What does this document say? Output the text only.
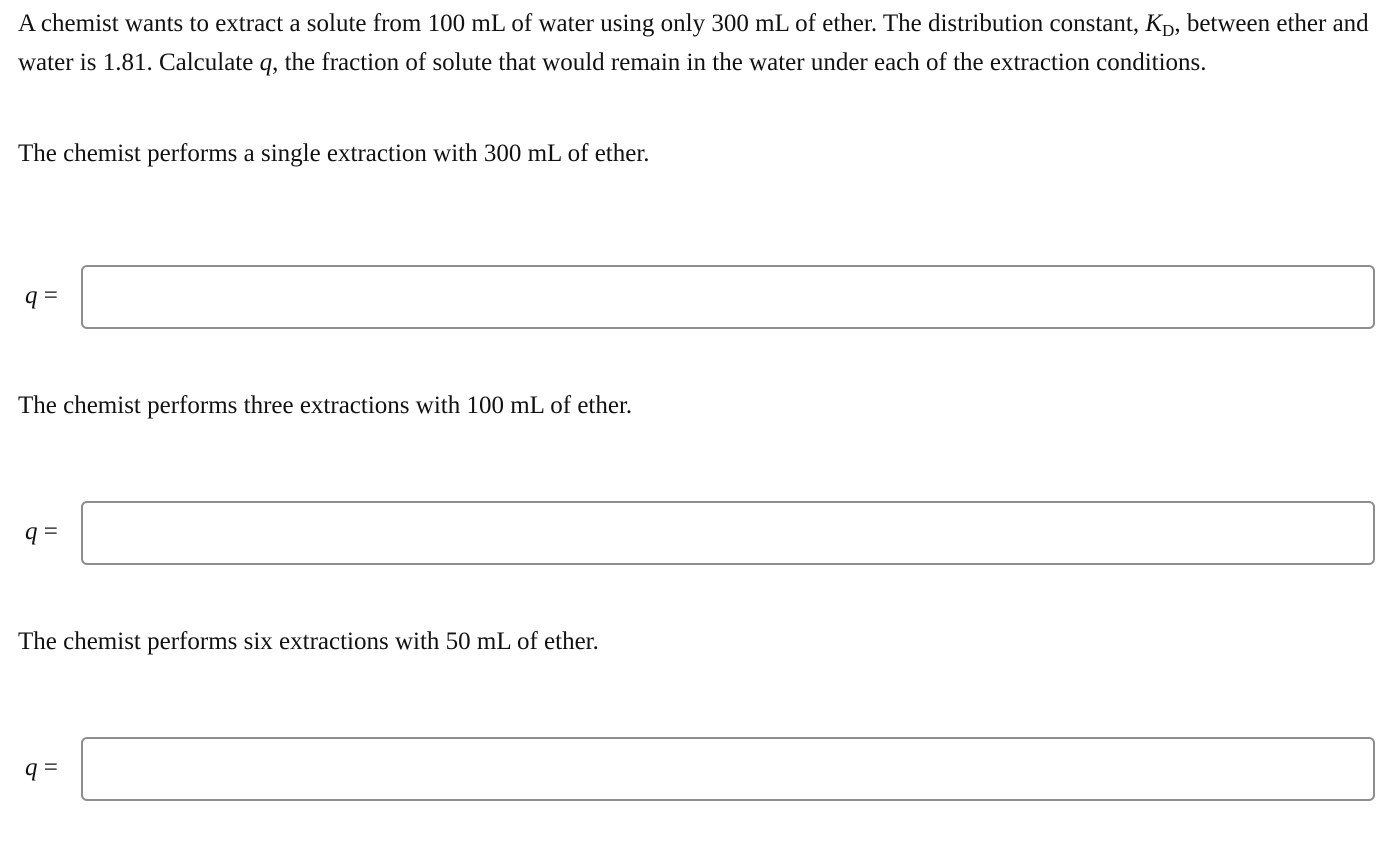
A chemist wants to extract a solute from 100 mL of water using only 300 mL of ether. The distribution constant, $K_D$, between ether and water is 1.81. Calculate q, the fraction of solute that would remain in the water under each of the extraction conditions.
The chemist performs a single extraction with 300 mL of ether.
q =
The chemist performs three extractions with 100 mL of ether.
q =
The chemist performs six extractions with 50 mL of ether.
q =
